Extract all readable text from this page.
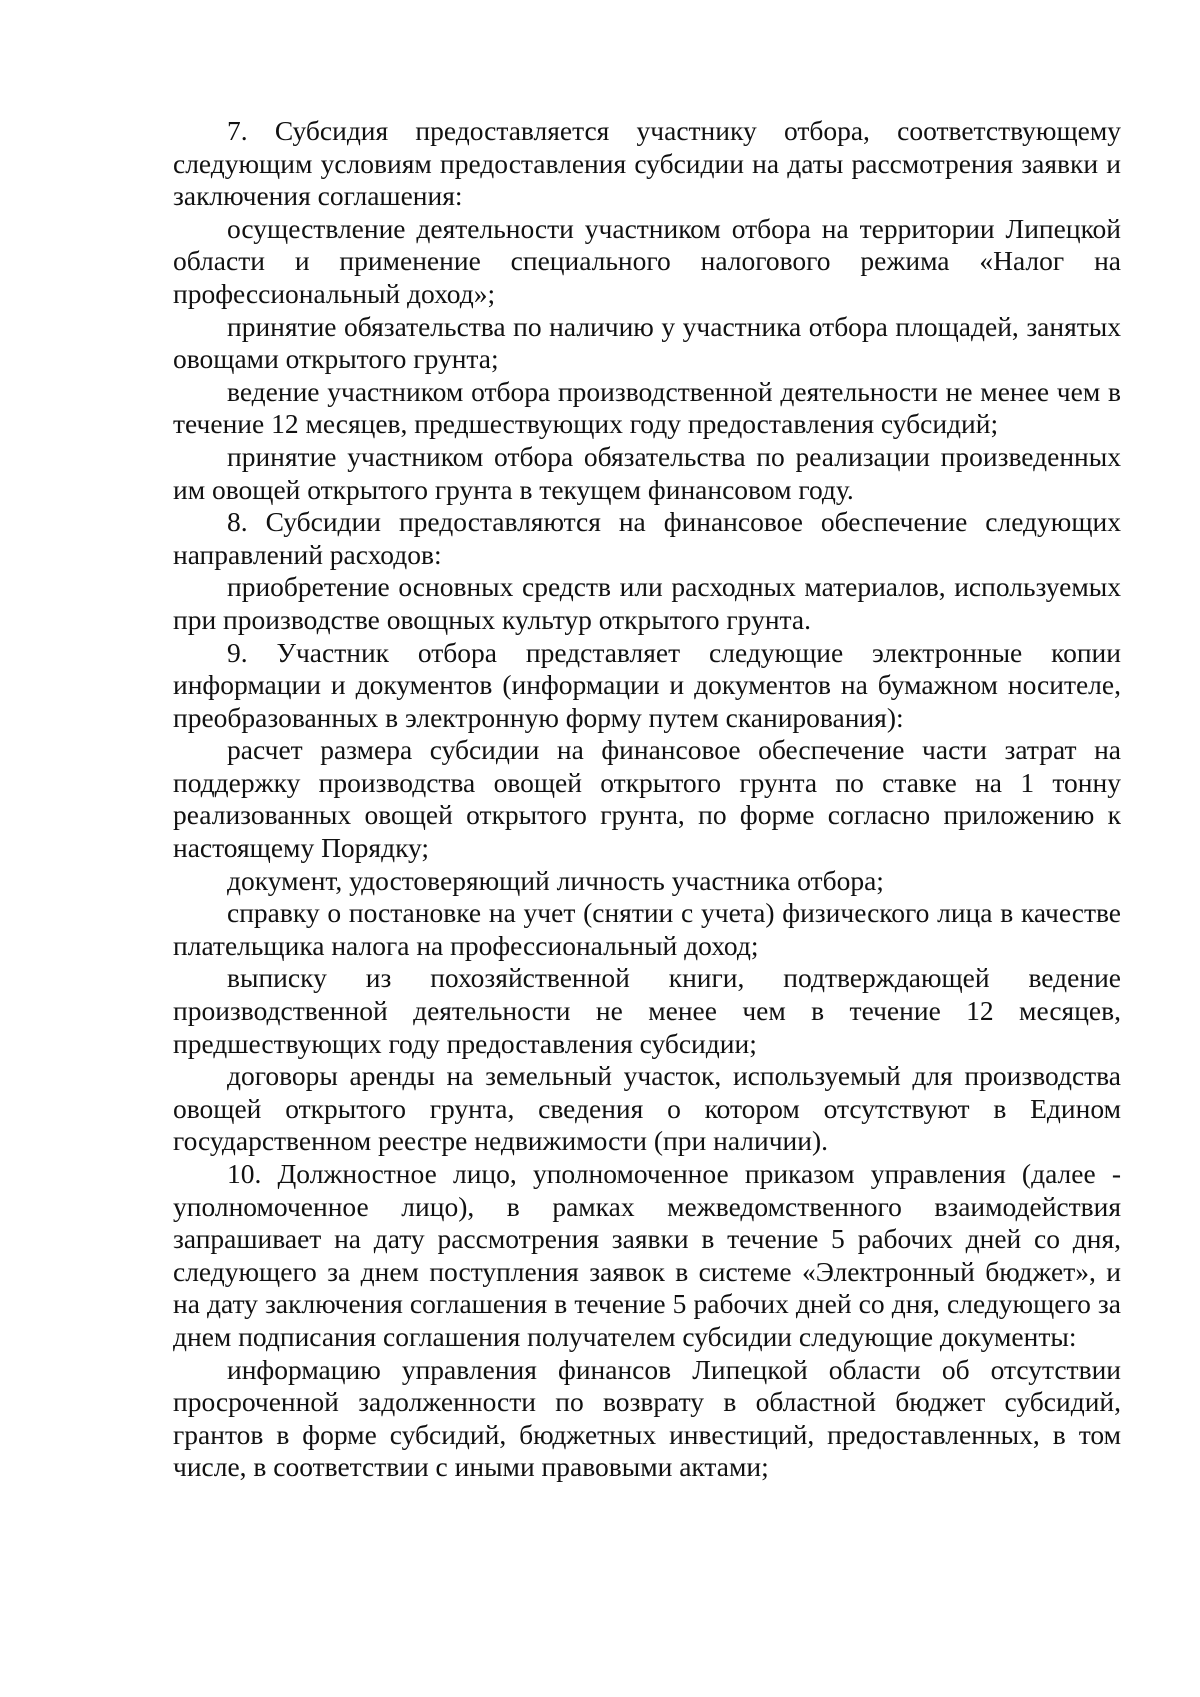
7. Субсидия предоставляется участнику отбора, соответствующему следующим условиям предоставления субсидии на даты рассмотрения заявки и заключения соглашения:

осуществление деятельности участником отбора на территории Липецкой области и применение специального налогового режима «Налог на профессиональный доход»;

принятие обязательства по наличию у участника отбора площадей, занятых овощами открытого грунта;

ведение участником отбора производственной деятельности не менее чем в течение 12 месяцев, предшествующих году предоставления субсидий;

принятие участником отбора обязательства по реализации произведенных им овощей открытого грунта в текущем финансовом году.

8. Субсидии предоставляются на финансовое обеспечение следующих направлений расходов:

приобретение основных средств или расходных материалов, используемых при производстве овощных культур открытого грунта.

9. Участник отбора представляет следующие электронные копии информации и документов (информации и документов на бумажном носителе, преобразованных в электронную форму путем сканирования):

расчет размера субсидии на финансовое обеспечение части затрат на поддержку производства овощей открытого грунта по ставке на 1 тонну реализованных овощей открытого грунта, по форме согласно приложению к настоящему Порядку;

документ, удостоверяющий личность участника отбора;

справку о постановке на учет (снятии с учета) физического лица в качестве плательщика налога на профессиональный доход;

выписку из похозяйственной книги, подтверждающей ведение производственной деятельности не менее чем в течение 12 месяцев, предшествующих году предоставления субсидии;

договоры аренды на земельный участок, используемый для производства овощей открытого грунта, сведения о котором отсутствуют в Едином государственном реестре недвижимости (при наличии).

10. Должностное лицо, уполномоченное приказом управления (далее - уполномоченное лицо), в рамках межведомственного взаимодействия запрашивает на дату рассмотрения заявки в течение 5 рабочих дней со дня, следующего за днем поступления заявок в системе «Электронный бюджет», и на дату заключения соглашения в течение 5 рабочих дней со дня, следующего за днем подписания соглашения получателем субсидии следующие документы:

информацию управления финансов Липецкой области об отсутствии просроченной задолженности по возврату в областной бюджет субсидий, грантов в форме субсидий, бюджетных инвестиций, предоставленных, в том числе, в соответствии с иными правовыми актами;
